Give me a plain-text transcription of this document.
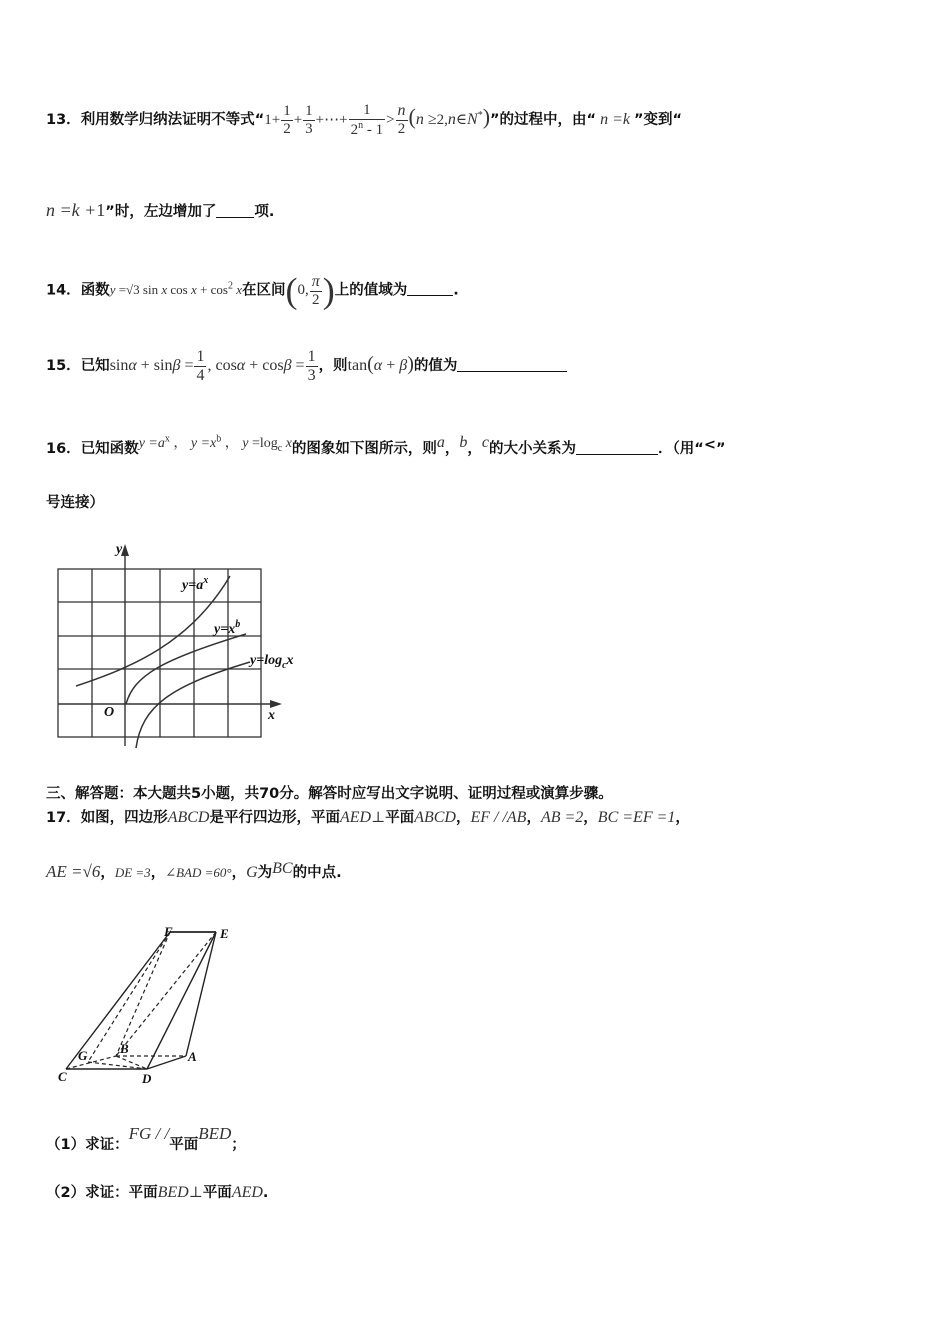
13．利用数学归纳法证明不等式“$1+ \frac{1}{2} + \frac{1}{3}$ +⋯+ $\frac{1}{2^n - 1} > \frac{n}{2} (n$ ≥2,n∈N*)”的过程中，由“ n =k ”变到“
n =k +1”时，左边增加了	项.
14．函数y =√3 sin x $\cos x + \cos^2 x$在区间(0, $\frac{\pi}{2}$ )上的值域为	.
15．已知$\sin\alpha + \sin\beta = \frac{1}{4}$ , $\cos\alpha + \cos\beta = \frac{1}{3}$ ，则tan(α + β)的值为
16．已知函数$y =a^x$ ， $y =x^b$ ， $y =\log_c$ x的图象如下图所示，则a，b，c的大小关系为	．（用“<”
号连接）
y
x
O
$y=a^x$
$y=x^b$
$y=\log_cx$
三、解答题：本大题共5小题，共70分。解答时应写出文字说明、证明过程或演算步骤。
17．如图，四边形ABCD是平行四边形，平面AED⊥平面ABCD，EF / /AB，AB =2，BC =EF =1，
AE =√6，DE =3，∠BAD =60°，G为BC的中点.
F	E
G	B
A
C	D
（1）求证：FG / /平面BED；
（2）求证：平面BED⊥平面AED.
